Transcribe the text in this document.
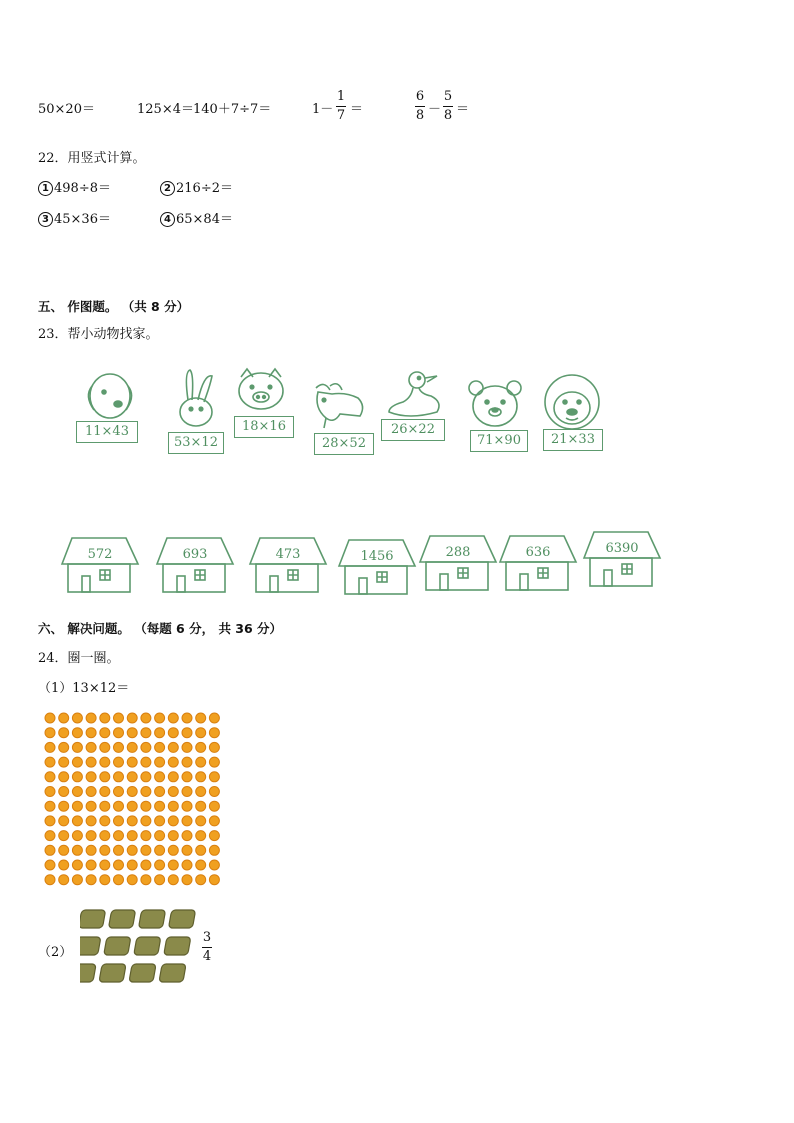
50×20＝	125×4＝ 140＋7÷7＝	1－
1
7 ＝
6
8 －
5
8 ＝
22．用竖式计算。
1 498÷8＝	2 216÷2＝
3 45×36＝	4 65×84＝
五、 作图题。 （共 8 分）
23．帮小动物找家。
11×43
53×12
18×16
28×52
26×22
71×90	21×33
572	693	473	1456	288	636	6390
六、 解决问题。 （每题 6 分， 共 36 分）
24．圈一圈。
（1）13×12＝
（2）
3
4
